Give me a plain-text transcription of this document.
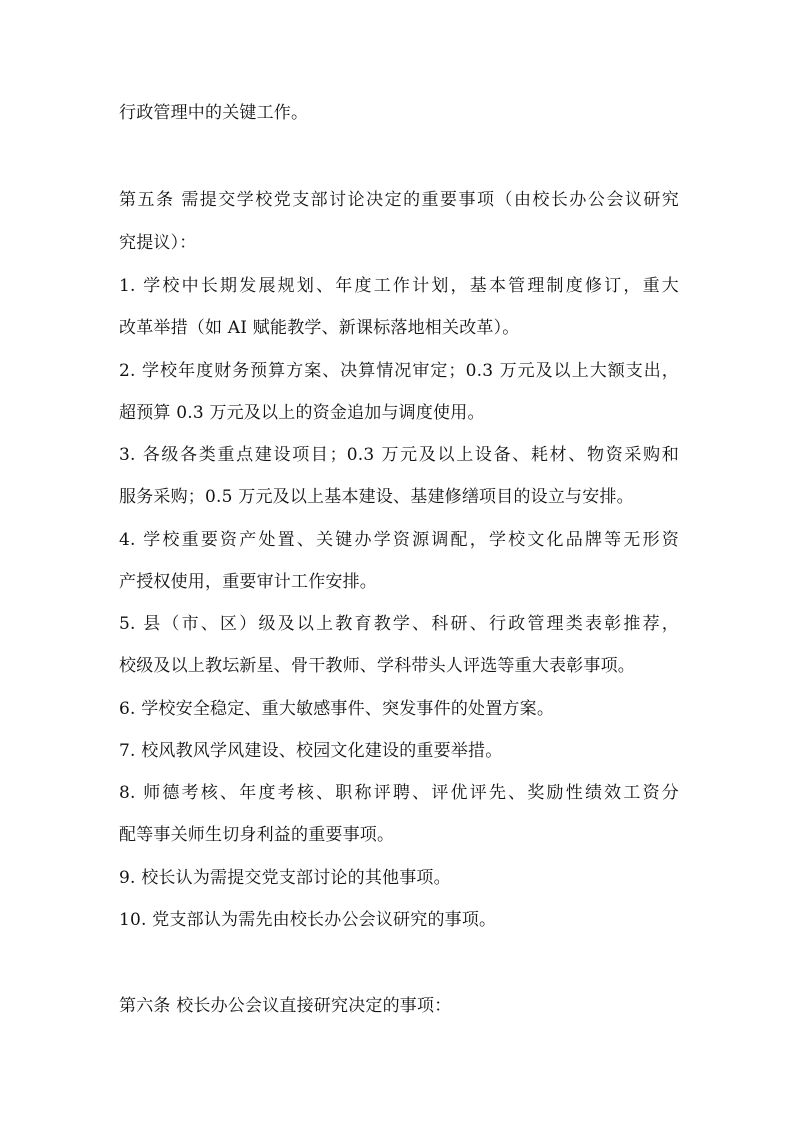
行政管理中的关键工作。
第五条 需提交学校党支部讨论决定的重要事项（由校长办公会议研究
究提议）：
1. 学校中长期发展规划、年度工作计划，基本管理制度修订，重大
改革举措（如 AI 赋能教学、新课标落地相关改革）。
2. 学校年度财务预算方案、决算情况审定；0.3 万元及以上大额支出，
超预算 0.3 万元及以上的资金追加与调度使用。
3. 各级各类重点建设项目；0.3 万元及以上设备、耗材、物资采购和
服务采购；0.5 万元及以上基本建设、基建修缮项目的设立与安排。
4. 学校重要资产处置、关键办学资源调配，学校文化品牌等无形资
产授权使用，重要审计工作安排。
5. 县（市、区）级及以上教育教学、科研、行政管理类表彰推荐，
校级及以上教坛新星、骨干教师、学科带头人评选等重大表彰事项。
6. 学校安全稳定、重大敏感事件、突发事件的处置方案。
7. 校风教风学风建设、校园文化建设的重要举措。
8. 师德考核、年度考核、职称评聘、评优评先、奖励性绩效工资分
配等事关师生切身利益的重要事项。
9. 校长认为需提交党支部讨论的其他事项。
10. 党支部认为需先由校长办公会议研究的事项。
第六条 校长办公会议直接研究决定的事项：
